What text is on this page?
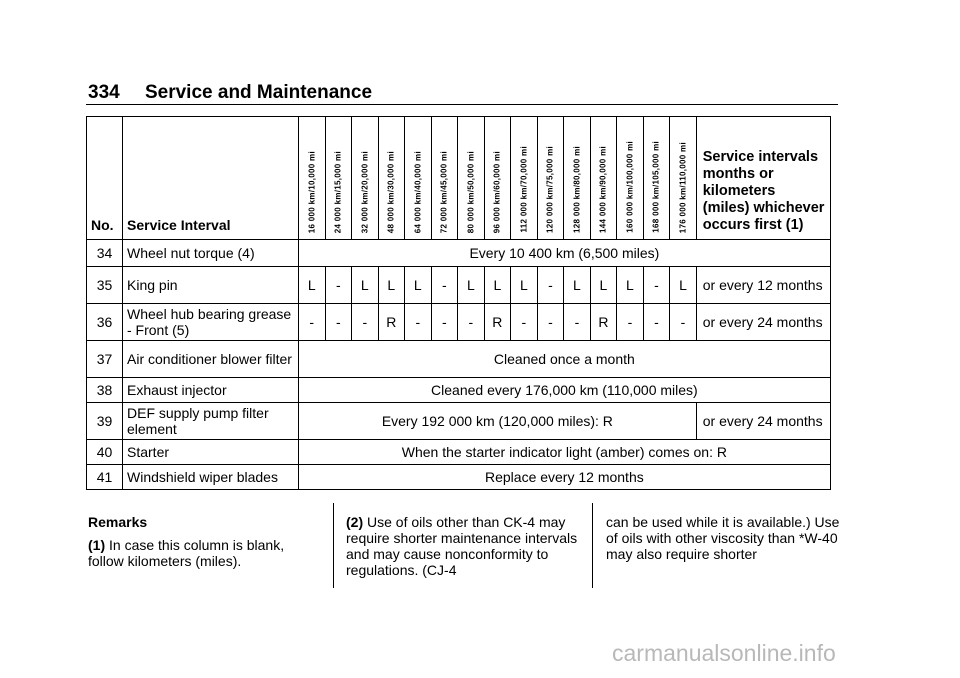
334 Service and Maintenance
No.	Service Interval	16 000 km/10,000 mi	24 000 km/15,000 mi	32 000 km/20,000 mi	48 000 km/30,000 mi	64 000 km/40,000 mi	72 000 km/45,000 mi	80 000 km/50,000 mi	96 000 km/60,000 mi	112 000 km/70,000 mi	120 000 km/75,000 mi	128 000 km/80,000 mi	144 000 km/90,000 mi	160 000 km/100,000 mi	168 000 km/105,000 mi	176 000 km/110,000 mi	Service intervals months or kilometers (miles) whichever occurs first (1)
34	Wheel nut torque (4)	Every 10 400 km (6,500 miles)															
35	King pin	L	-	L	L	L	-	L	L	L	-	L	L	L	-	L	or every 12 months
36	Wheel hub bearing grease - Front (5)	-	-	-	R	-	-	-	R	-	-	-	R	-	-	-	or every 24 months
37	Air conditioner blower filter	Cleaned once a month															
38	Exhaust injector	Cleaned every 176,000 km (110,000 miles)															
39	DEF supply pump filter element	Every 192 000 km (120,000 miles): R															or every 24 months
40	Starter	When the starter indicator light (amber) comes on: R															
41	Windshield wiper blades	Replace every 12 months															

Remarks

(1) In case this column is blank, follow kilometers (miles).

(2) Use of oils other than CK-4 may require shorter maintenance intervals and may cause nonconformity to regulations. (CJ-4

can be used while it is available.) Use of oils with other viscosity than *W-40 may also require shorter

carmanualsonline.info
